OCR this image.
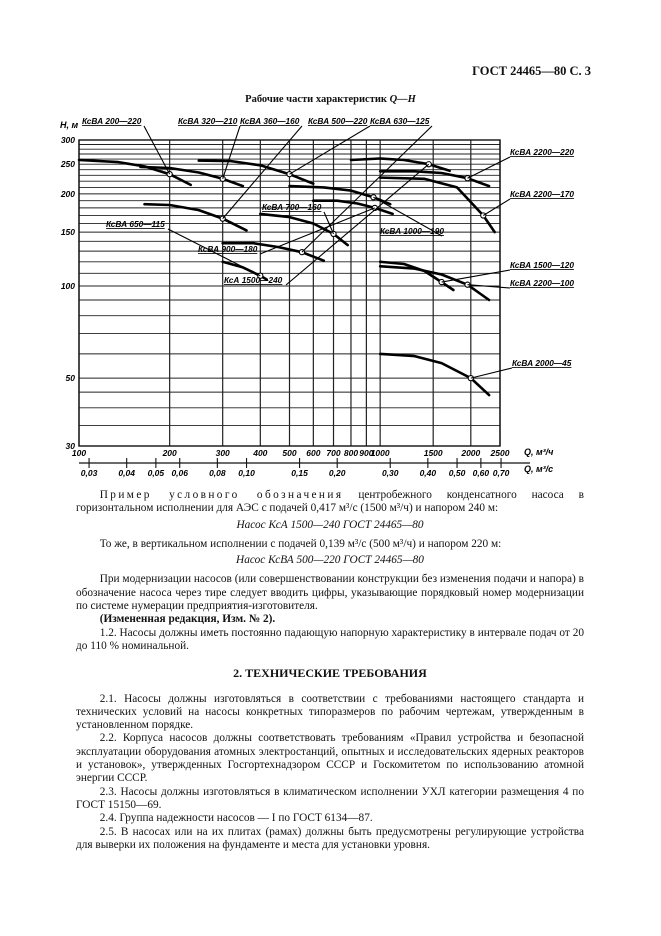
ГОСТ 24465—80 С. 3
Рабочие части характеристик Q—H
300
250
200
150
100
50
30
H, м
100	200	300	400 500 600 700 800 900
1000	1500 2000 2500 Q, м³/ч
0,03 0,04 0,05 0,06 0,08 0,10	0,15 0,20	0,30 0,40 0,50 0,60 0,70 Q, м³/с
КсВА 200—220	КсВА 320—210 КсВА 360—160 КсВА 500—220 КсВА 630—125
КсВА 650—115
КсВА 700—160
КсВА 1000—190
КсВА 900—180
КсА 1500—240
КсВА 2200—220
КсВА 2200—170
КсВА 1500—120
КсВА 2200—100
КсВА 2000—45

Пример условного обозначения центробежного конденсатного насоса в горизонтальном исполнении для АЭС с подачей 0,417 м³/с (1500 м³/ч) и напором 240 м:

Насос КсА 1500—240 ГОСТ 24465—80

То же, в вертикальном исполнении с подачей 0,139 м³/с (500 м³/ч) и напором 220 м:

Насос КсВА 500—220 ГОСТ 24465—80

При модернизации насосов (или совершенствовании конструкции без изменения подачи и напора) в обозначение насоса через тире следует вводить цифры, указывающие порядковый номер модернизации по системе нумерации предприятия-изготовителя.

(Измененная редакция, Изм. № 2).

1.2. Насосы должны иметь постоянно падающую напорную характеристику в интервале подач от 20 до 110 % номинальной.

2. ТЕХНИЧЕСКИЕ ТРЕБОВАНИЯ

2.1. Насосы должны изготовляться в соответствии с требованиями настоящего стандарта и технических условий на насосы конкретных типоразмеров по рабочим чертежам, утвержденным в установленном порядке.

2.2. Корпуса насосов должны соответствовать требованиям «Правил устройства и безопасной эксплуатации оборудования атомных электростанций, опытных и исследовательских ядерных реакторов и установок», утвержденных Госгортехнадзором СССР и Госкомитетом по использованию атомной энергии СССР.

2.3. Насосы должны изготовляться в климатическом исполнении УХЛ категории размещения 4 по ГОСТ 15150—69.

2.4. Группа надежности насосов — I по ГОСТ 6134—87.

2.5. В насосах или на их плитах (рамах) должны быть предусмотрены регулирующие устройства для выверки их положения на фундаменте и места для установки уровня.
